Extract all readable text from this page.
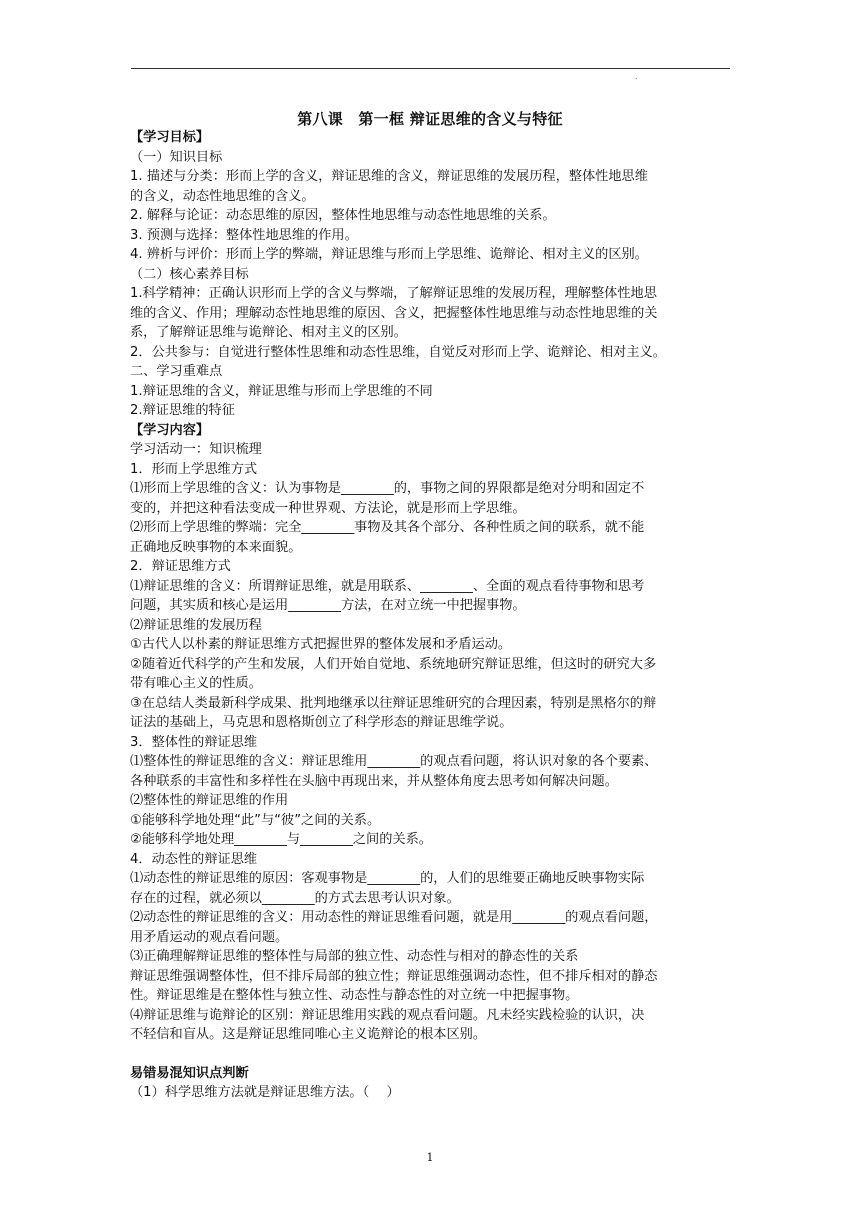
.
第八课　第一框 辩证思维的含义与特征

【学习目标】

（一）知识目标

1. 描述与分类：形而上学的含义，辩证思维的含义，辩证思维的发展历程，整体性地思维

的含义，动态性地思维的含义。

2. 解释与论证：动态思维的原因，整体性地思维与动态性地思维的关系。

3. 预测与选择：整体性地思维的作用。

4. 辨析与评价：形而上学的弊端，辩证思维与形而上学思维、诡辩论、相对主义的区别。

（二）核心素养目标

1.科学精神：正确认识形而上学的含义与弊端，了解辩证思维的发展历程，理解整体性地思

维的含义、作用；理解动态性地思维的原因、含义，把握整体性地思维与动态性地思维的关

系，了解辩证思维与诡辩论、相对主义的区别。

2．公共参与：自觉进行整体性思维和动态性思维，自觉反对形而上学、诡辩论、相对主义。

二、学习重难点

1.辩证思维的含义，辩证思维与形而上学思维的不同

2.辩证思维的特征

【学习内容】

学习活动一：知识梳理

1．形而上学思维方式

⑴形而上学思维的含义：认为事物是________的，事物之间的界限都是绝对分明和固定不

变的，并把这种看法变成一种世界观、方法论，就是形而上学思维。

⑵形而上学思维的弊端：完全________事物及其各个部分、各种性质之间的联系，就不能

正确地反映事物的本来面貌。

2．辩证思维方式

⑴辩证思维的含义：所谓辩证思维，就是用联系、________、全面的观点看待事物和思考

问题，其实质和核心是运用________方法，在对立统一中把握事物。

⑵辩证思维的发展历程

①古代人以朴素的辩证思维方式把握世界的整体发展和矛盾运动。

②随着近代科学的产生和发展，人们开始自觉地、系统地研究辩证思维，但这时的研究大多

带有唯心主义的性质。

③在总结人类最新科学成果、批判地继承以往辩证思维研究的合理因素，特别是黑格尔的辩

证法的基础上，马克思和恩格斯创立了科学形态的辩证思维学说。

3．整体性的辩证思维

⑴整体性的辩证思维的含义：辩证思维用________的观点看问题，将认识对象的各个要素、

各种联系的丰富性和多样性在头脑中再现出来，并从整体角度去思考如何解决问题。

⑵整体性的辩证思维的作用

①能够科学地处理“此”与“彼”之间的关系。

②能够科学地处理________与________之间的关系。

4．动态性的辩证思维

⑴动态性的辩证思维的原因：客观事物是________的，人们的思维要正确地反映事物实际

存在的过程，就必须以________的方式去思考认识对象。

⑵动态性的辩证思维的含义：用动态性的辩证思维看问题，就是用________的观点看问题，

用矛盾运动的观点看问题。

⑶正确理解辩证思维的整体性与局部的独立性、动态性与相对的静态性的关系

辩证思维强调整体性，但不排斥局部的独立性；辩证思维强调动态性，但不排斥相对的静态

性。辩证思维是在整体性与独立性、动态性与静态性的对立统一中把握事物。

⑷辩证思维与诡辩论的区别：辩证思维用实践的观点看问题。凡未经实践检验的认识，决

不轻信和盲从。这是辩证思维同唯心主义诡辩论的根本区别。

易错易混知识点判断

（1）科学思维方法就是辩证思维方法。（　 ）

1
